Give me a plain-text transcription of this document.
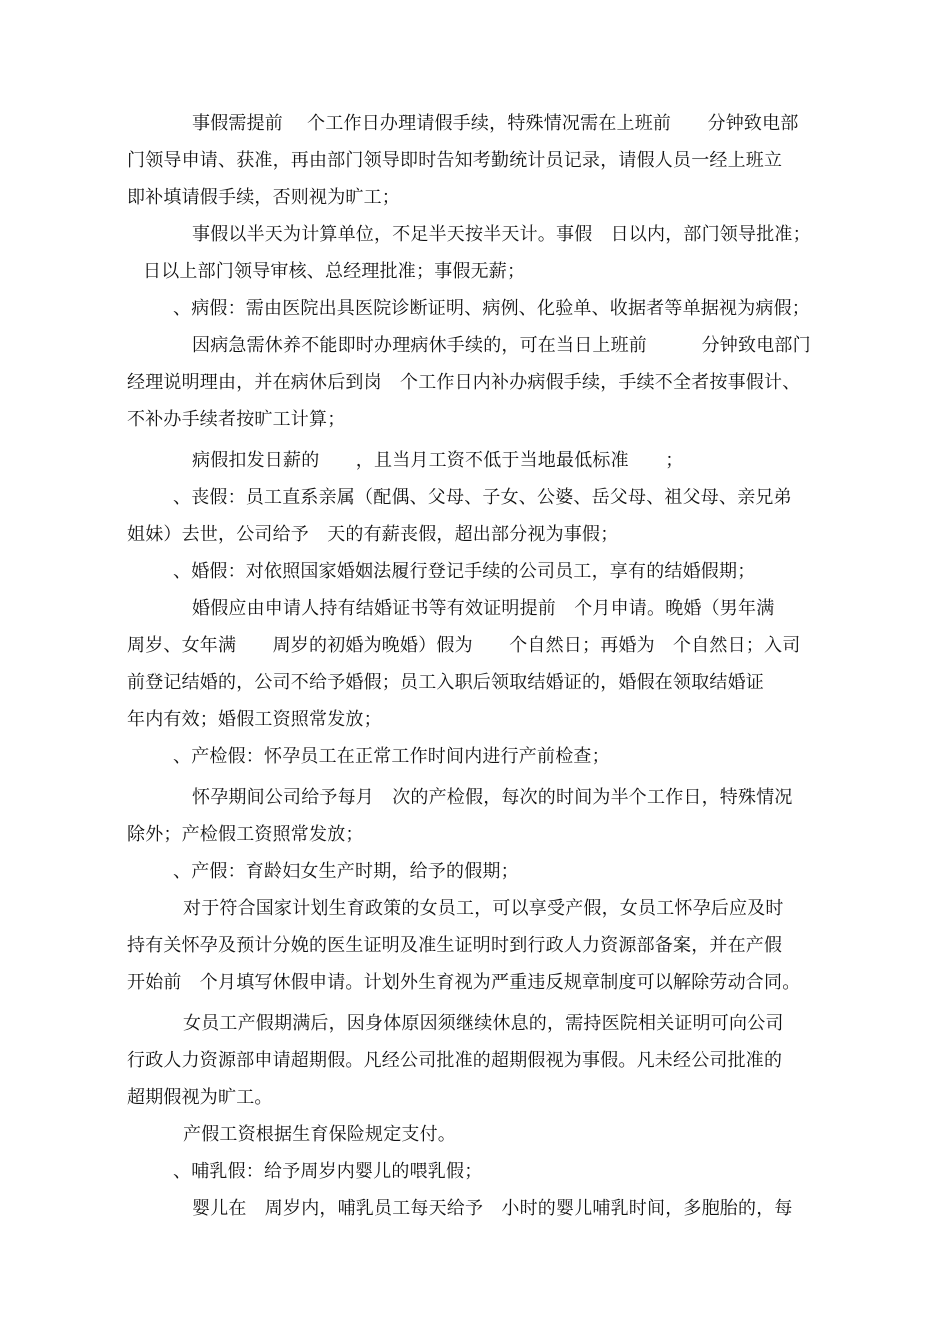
事假需提前　 个工作日办理请假手续，特殊情况需在上班前　　分钟致电部

门领导申请、获准，再由部门领导即时告知考勤统计员记录，请假人员一经上班立

即补填请假手续，否则视为旷工；

事假以半天为计算单位，不足半天按半天计。事假　日以内，部门领导批准；

日以上部门领导审核、总经理批准；事假无薪；

、病假：需由医院出具医院诊断证明、病例、化验单、收据者等单据视为病假；

因病急需休养不能即时办理病休手续的，可在当日上班前　　　分钟致电部门

经理说明理由，并在病休后到岗　个工作日内补办病假手续，手续不全者按事假计、

不补办手续者按旷工计算；

病假扣发日薪的　　，且当月工资不低于当地最低标准　　；

、丧假：员工直系亲属（配偶、父母、子女、公婆、岳父母、祖父母、亲兄弟

姐妹）去世，公司给予　天的有薪丧假，超出部分视为事假；

、婚假：对依照国家婚姻法履行登记手续的公司员工，享有的结婚假期；

婚假应由申请人持有结婚证书等有效证明提前　个月申请。晚婚（男年满

周岁、女年满　　周岁的初婚为晚婚）假为　　个自然日；再婚为　个自然日；入司

前登记结婚的，公司不给予婚假；员工入职后领取结婚证的，婚假在领取结婚证

年内有效；婚假工资照常发放；

、产检假：怀孕员工在正常工作时间内进行产前检查；

怀孕期间公司给予每月　次的产检假，每次的时间为半个工作日，特殊情况

除外；产检假工资照常发放；

、产假：育龄妇女生产时期，给予的假期；

对于符合国家计划生育政策的女员工，可以享受产假，女员工怀孕后应及时

持有关怀孕及预计分娩的医生证明及准生证明时到行政人力资源部备案，并在产假

开始前　个月填写休假申请。计划外生育视为严重违反规章制度可以解除劳动合同。

女员工产假期满后，因身体原因须继续休息的，需持医院相关证明可向公司

行政人力资源部申请超期假。凡经公司批准的超期假视为事假。凡未经公司批准的

超期假视为旷工。

产假工资根据生育保险规定支付。

、哺乳假：给予周岁内婴儿的喂乳假；

婴儿在　周岁内，哺乳员工每天给予　小时的婴儿哺乳时间，多胞胎的，每
